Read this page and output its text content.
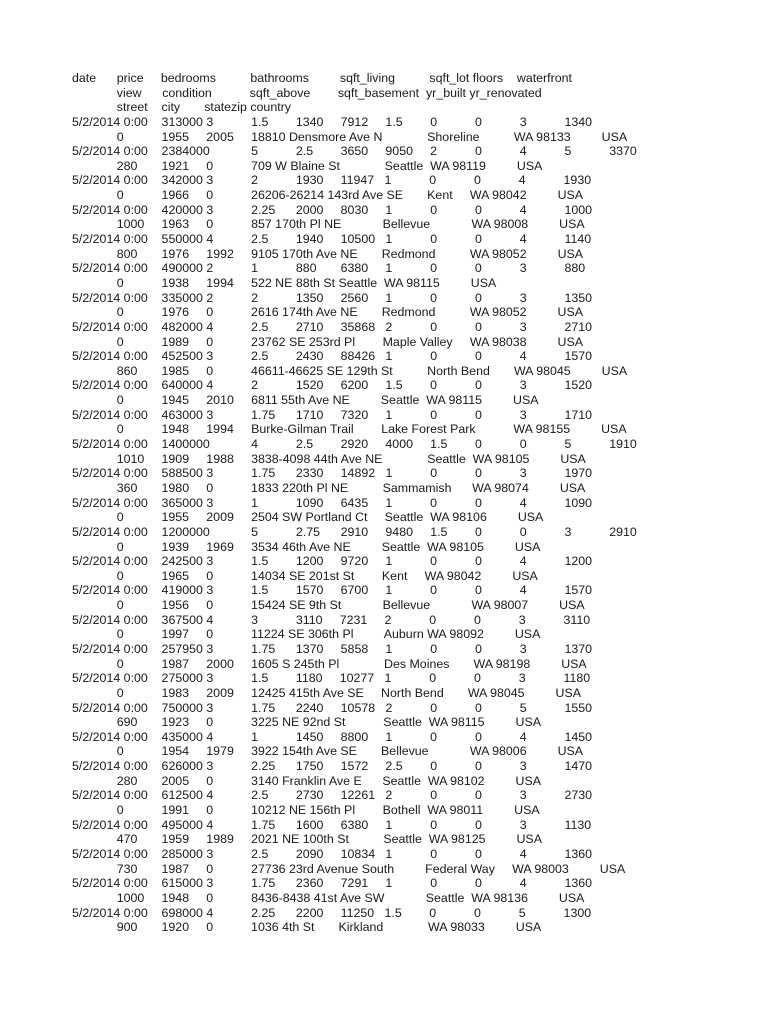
date      price     bedrooms          bathrooms         sqft_living          sqft_lot floors    waterfront
view      condition           sqft_above        sqft_basement  yr_built yr_renovated
street    city       statezip country
5/2/2014 0:00    313000 3           1.5        1340     7912     1.5        0           0           3           1340
0           1955     2005     18810 Densmore Ave N             Shoreline          WA 98133         USA
5/2/2014 0:00    2384000            5           2.5        3650     9050     2           0           4           5           3370
280       1921     0           709 W Blaine St             Seattle  WA 98119         USA
5/2/2014 0:00    342000 3           2           1930     11947   1           0           0           4           1930
0           1966     0           26206-26214 143rd Ave SE       Kent     WA 98042         USA
5/2/2014 0:00    420000 3           2.25      2000     8030     1           0           0           4           1000
1000     1963     0           857 170th Pl NE            Bellevue            WA 98008         USA
5/2/2014 0:00    550000 4           2.5        1940     10500   1           0           0           4           1140
800       1976     1992     9105 170th Ave NE       Redmond          WA 98052         USA
5/2/2014 0:00    490000 2           1           880       6380     1           0           0           3           880
0           1938     1994     522 NE 88th St Seattle  WA 98115         USA
5/2/2014 0:00    335000 2           2           1350     2560     1           0           0           3           1350
0           1976     0           2616 174th Ave NE       Redmond          WA 98052         USA
5/2/2014 0:00    482000 4           2.5        2710     35868   2           0           0           3           2710
0           1989     0           23762 SE 253rd Pl        Maple Valley     WA 98038         USA
5/2/2014 0:00    452500 3           2.5        2430     88426   1           0           0           4           1570
860       1985     0           46611-46625 SE 129th St          North Bend       WA 98045         USA
5/2/2014 0:00    640000 4           2           1520     6200     1.5        0           0           3           1520
0           1945     2010     6811 55th Ave NE         Seattle  WA 98115         USA
5/2/2014 0:00    463000 3           1.75      1710     7320     1           0           0           3           1710
0           1948     1994     Burke-Gilman Trail        Lake Forest Park           WA 98155         USA
5/2/2014 0:00    1400000            4           2.5        2920     4000     1.5        0           0           5           1910
1010     1909     1988     3838-4098 44th Ave NE             Seattle  WA 98105         USA
5/2/2014 0:00    588500 3           1.75      2330     14892   1           0           0           3           1970
360       1980     0           1833 220th Pl NE          Sammamish      WA 98074         USA
5/2/2014 0:00    365000 3           1           1090     6435     1           0           0           4           1090
0           1955     2009     2504 SW Portland Ct     Seattle  WA 98106         USA
5/2/2014 0:00    1200000            5           2.75      2910     9480     1.5        0           0           3           2910
0           1939     1969     3534 46th Ave NE         Seattle  WA 98105         USA
5/2/2014 0:00    242500 3           1.5        1200     9720     1           0           0           4           1200
0           1965     0           14034 SE 201st St        Kent     WA 98042         USA
5/2/2014 0:00    419000 3           1.5        1570     6700     1           0           0           4           1570
0           1956     0           15424 SE 9th St            Bellevue            WA 98007         USA
5/2/2014 0:00    367500 4           3           3110     7231     2           0           0           3           3110
0           1997     0           11224 SE 306th Pl         Auburn WA 98092         USA
5/2/2014 0:00    257950 3           1.75      1370     5858     1           0           0           3           1370
0           1987     2000     1605 S 245th Pl             Des Moines       WA 98198         USA
5/2/2014 0:00    275000 3           1.5        1180     10277   1           0           0           3           1180
0           1983     2009     12425 415th Ave SE     North Bend       WA 98045         USA
5/2/2014 0:00    750000 3           1.75      2240     10578   2           0           0           5           1550
690       1923     0           3225 NE 92nd St           Seattle  WA 98115         USA
5/2/2014 0:00    435000 4           1           1450     8800     1           0           0           4           1450
0           1954     1979     3922 154th Ave SE       Bellevue            WA 98006         USA
5/2/2014 0:00    626000 3           2.25      1750     1572     2.5        0           0           3           1470
280       2005     0           3140 Franklin Ave E      Seattle  WA 98102         USA
5/2/2014 0:00    612500 4           2.5        2730     12261   2           0           0           3           2730
0           1991     0           10212 NE 156th Pl        Bothell  WA 98011         USA
5/2/2014 0:00    495000 4           1.75      1600     6380     1           0           0           3           1130
470       1959     1989     2021 NE 100th St          Seattle  WA 98125         USA
5/2/2014 0:00    285000 3           2.5        2090     10834   1           0           0           4           1360
730       1987     0           27736 23rd Avenue South         Federal Way     WA 98003         USA
5/2/2014 0:00    615000 3           1.75      2360     7291     1           0           0           4           1360
1000     1948     0           8436-8438 41st Ave SW            Seattle  WA 98136         USA
5/2/2014 0:00    698000 4           2.25      2200     11250   1.5        0           0           5           1300
900       1920     0           1036 4th St       Kirkland             WA 98033         USA
